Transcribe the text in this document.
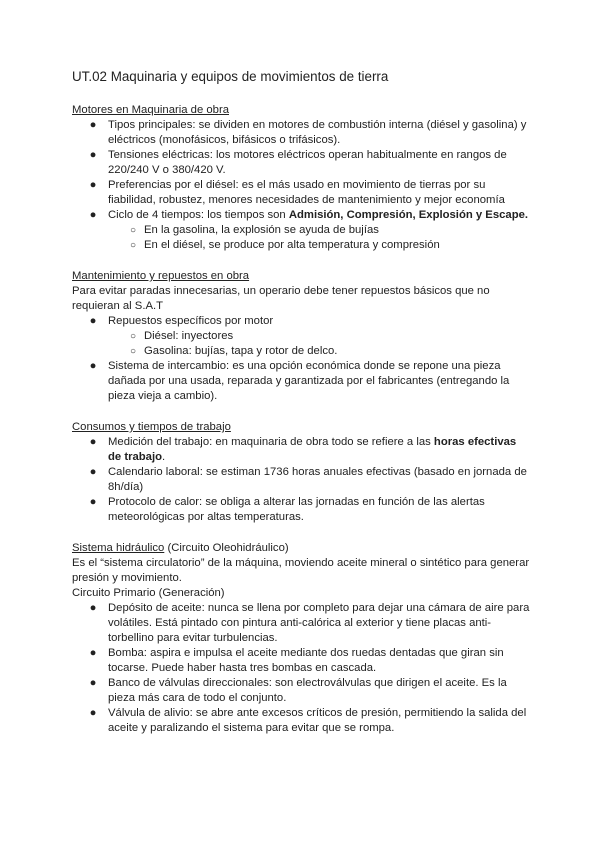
UT.02 Maquinaria y equipos de movimientos de tierra
Motores en Maquinaria de obra
● Tipos principales: se dividen en motores de combustión interna (diésel y gasolina) y eléctricos (monofásicos, bifásicos o trifásicos).
● Tensiones eléctricas: los motores eléctricos operan habitualmente en rangos de 220/240 V o 380/420 V.
● Preferencias por el diésel: es el más usado en movimiento de tierras por su fiabilidad, robustez, menores necesidades de mantenimiento y mejor economía
● Ciclo de 4 tiempos: los tiempos son Admisión, Compresión, Explosión y Escape.
○ En la gasolina, la explosión se ayuda de bujías
○ En el diésel, se produce por alta temperatura y compresión
Mantenimiento y repuestos en obra
Para evitar paradas innecesarias, un operario debe tener repuestos básicos que no requieran al S.A.T
● Repuestos específicos por motor
○ Diésel: inyectores
○ Gasolina: bujías, tapa y rotor de delco.
● Sistema de intercambio: es una opción económica donde se repone una pieza dañada por una usada, reparada y garantizada por el fabricantes (entregando la pieza vieja a cambio).
Consumos y tiempos de trabajo
● Medición del trabajo: en maquinaria de obra todo se refiere a las horas efectivas de trabajo.
● Calendario laboral: se estiman 1736 horas anuales efectivas (basado en jornada de 8h/día)
● Protocolo de calor: se obliga a alterar las jornadas en función de las alertas meteorológicas por altas temperaturas.
Sistema hidráulico (Circuito Oleohidráulico)
Es el “sistema circulatorio” de la máquina, moviendo aceite mineral o sintético para generar presión y movimiento.
Circuito Primario (Generación)
● Depósito de aceite: nunca se llena por completo para dejar una cámara de aire para volátiles. Está pintado con pintura anti-calórica al exterior y tiene placas anti-torbellino para evitar turbulencias.
● Bomba: aspira e impulsa el aceite mediante dos ruedas dentadas que giran sin tocarse. Puede haber hasta tres bombas en cascada.
● Banco de válvulas direccionales: son electroválvulas que dirigen el aceite. Es la pieza más cara de todo el conjunto.
● Válvula de alivio: se abre ante excesos críticos de presión, permitiendo la salida del aceite y paralizando el sistema para evitar que se rompa.
